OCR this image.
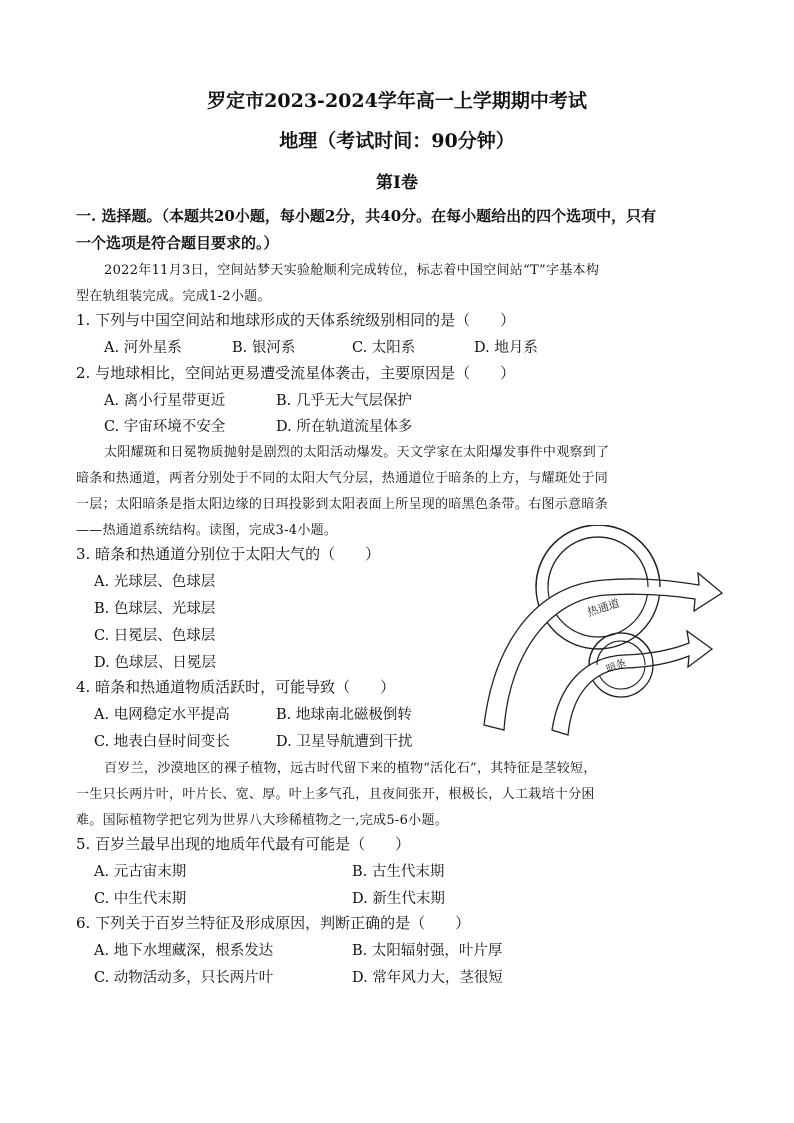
罗定市2023-2024学年高一上学期期中考试
地理（考试时间：90分钟）
第I卷
一. 选择题。（本题共20小题，每小题2分，共40分。在每小题给出的四个选项中，只有
一个选项是符合题目要求的。）
2022年11月3日，空间站梦天实验舱顺利完成转位，标志着中国空间站“T”字基本构
型在轨组装完成。完成1-2小题。
1. 下列与中国空间站和地球形成的天体系统级别相同的是（　　）
A. 河外星系	B. 银河系	C. 太阳系	D. 地月系
2. 与地球相比，空间站更易遭受流星体袭击，主要原因是（　　）
A. 离小行星带更近	B. 几乎无大气层保护
C. 宇宙环境不安全	D. 所在轨道流星体多
太阳耀斑和日冕物质抛射是剧烈的太阳活动爆发。天文学家在太阳爆发事件中观察到了
暗条和热通道，两者分别处于不同的太阳大气分层，热通道位于暗条的上方，与耀斑处于同
一层；太阳暗条是指太阳边缘的日珥投影到太阳表面上所呈现的暗黑色条带。右图示意暗条
——热通道系统结构。读图，完成3-4小题。
3. 暗条和热通道分别位于太阳大气的（　　）
A. 光球层、色球层
B. 色球层、光球层
C. 日冕层、色球层
D. 色球层、日冕层
4. 暗条和热通道物质活跃时，可能导致（　　）
A. 电网稳定水平提高	B. 地球南北磁极倒转
C. 地表白昼时间变长	D. 卫星导航遭到干扰
热通道
暗条
百岁兰，沙漠地区的裸子植物，远古时代留下来的植物“活化石”，其特征是茎较短，
一生只长两片叶，叶片长、宽、厚。叶上多气孔，且夜间张开，根极长，人工栽培十分困
难。国际植物学把它列为世界八大珍稀植物之一,完成5-6小题。
5. 百岁兰最早出现的地质年代最有可能是（　　）
A. 元古宙末期	B. 古生代末期
C. 中生代末期	D. 新生代末期
6. 下列关于百岁兰特征及形成原因，判断正确的是（　　）
A. 地下水埋藏深，根系发达	B. 太阳辐射强，叶片厚
C. 动物活动多，只长两片叶	D. 常年风力大，茎很短
